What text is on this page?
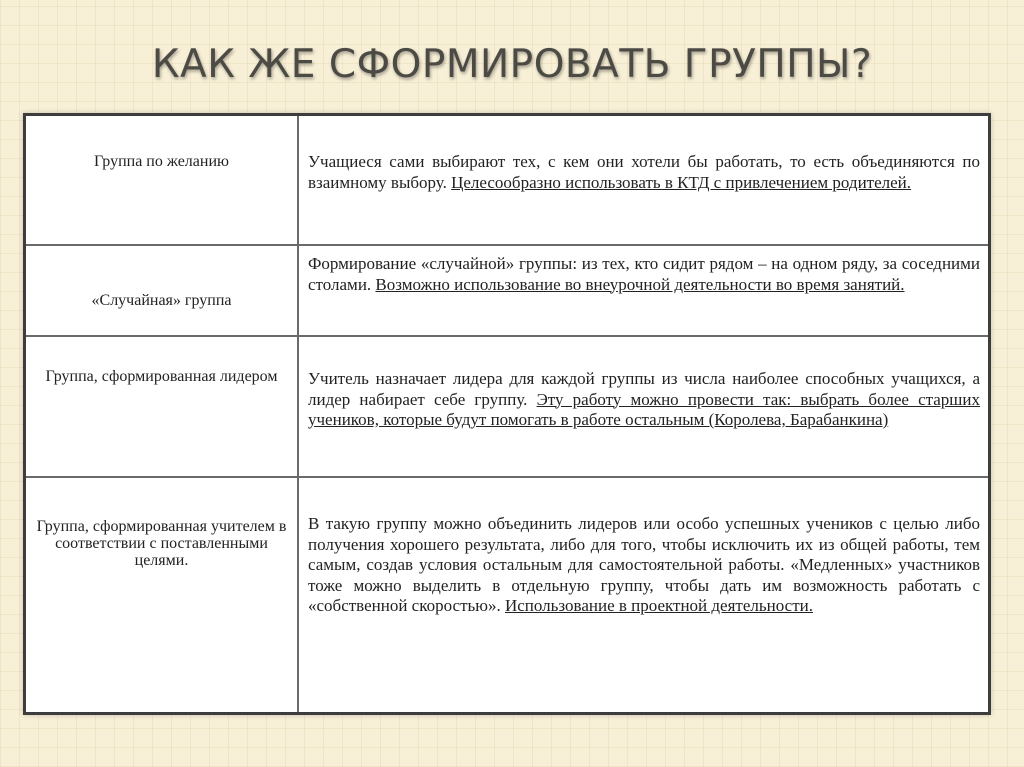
КАК ЖЕ СФОРМИРОВАТЬ ГРУППЫ?
Группа по желанию	Учащиеся сами выбирают тех, с кем они хотели бы работать, то есть объединяются по взаимному выбору. Целесообразно использовать в КТД с привлечением родителей.
«Случайная» группа
Формирование «случайной» группы: из тех, кто сидит рядом – на одном ряду, за соседними столами. Возможно использование во внеурочной деятельности во время занятий.
Группа, сформированная лидером	Учитель назначает лидера для каждой группы из числа наиболее способных учащихся, а лидер набирает себе группу. Эту работу можно провести так: выбрать более старших учеников, которые будут помогать в работе остальным (Королева, Барабанкина)
Группа, сформированная учителем в соответствии с поставленными целями.
В такую группу можно объединить лидеров или особо успешных учеников с целью либо получения хорошего результата, либо для того, чтобы исключить их из общей работы, тем самым, создав условия остальным для самостоятельной работы. «Медленных» участников тоже можно выделить в отдельную группу, чтобы дать им возможность работать с «собственной скоростью». Использование в проектной деятельности.
